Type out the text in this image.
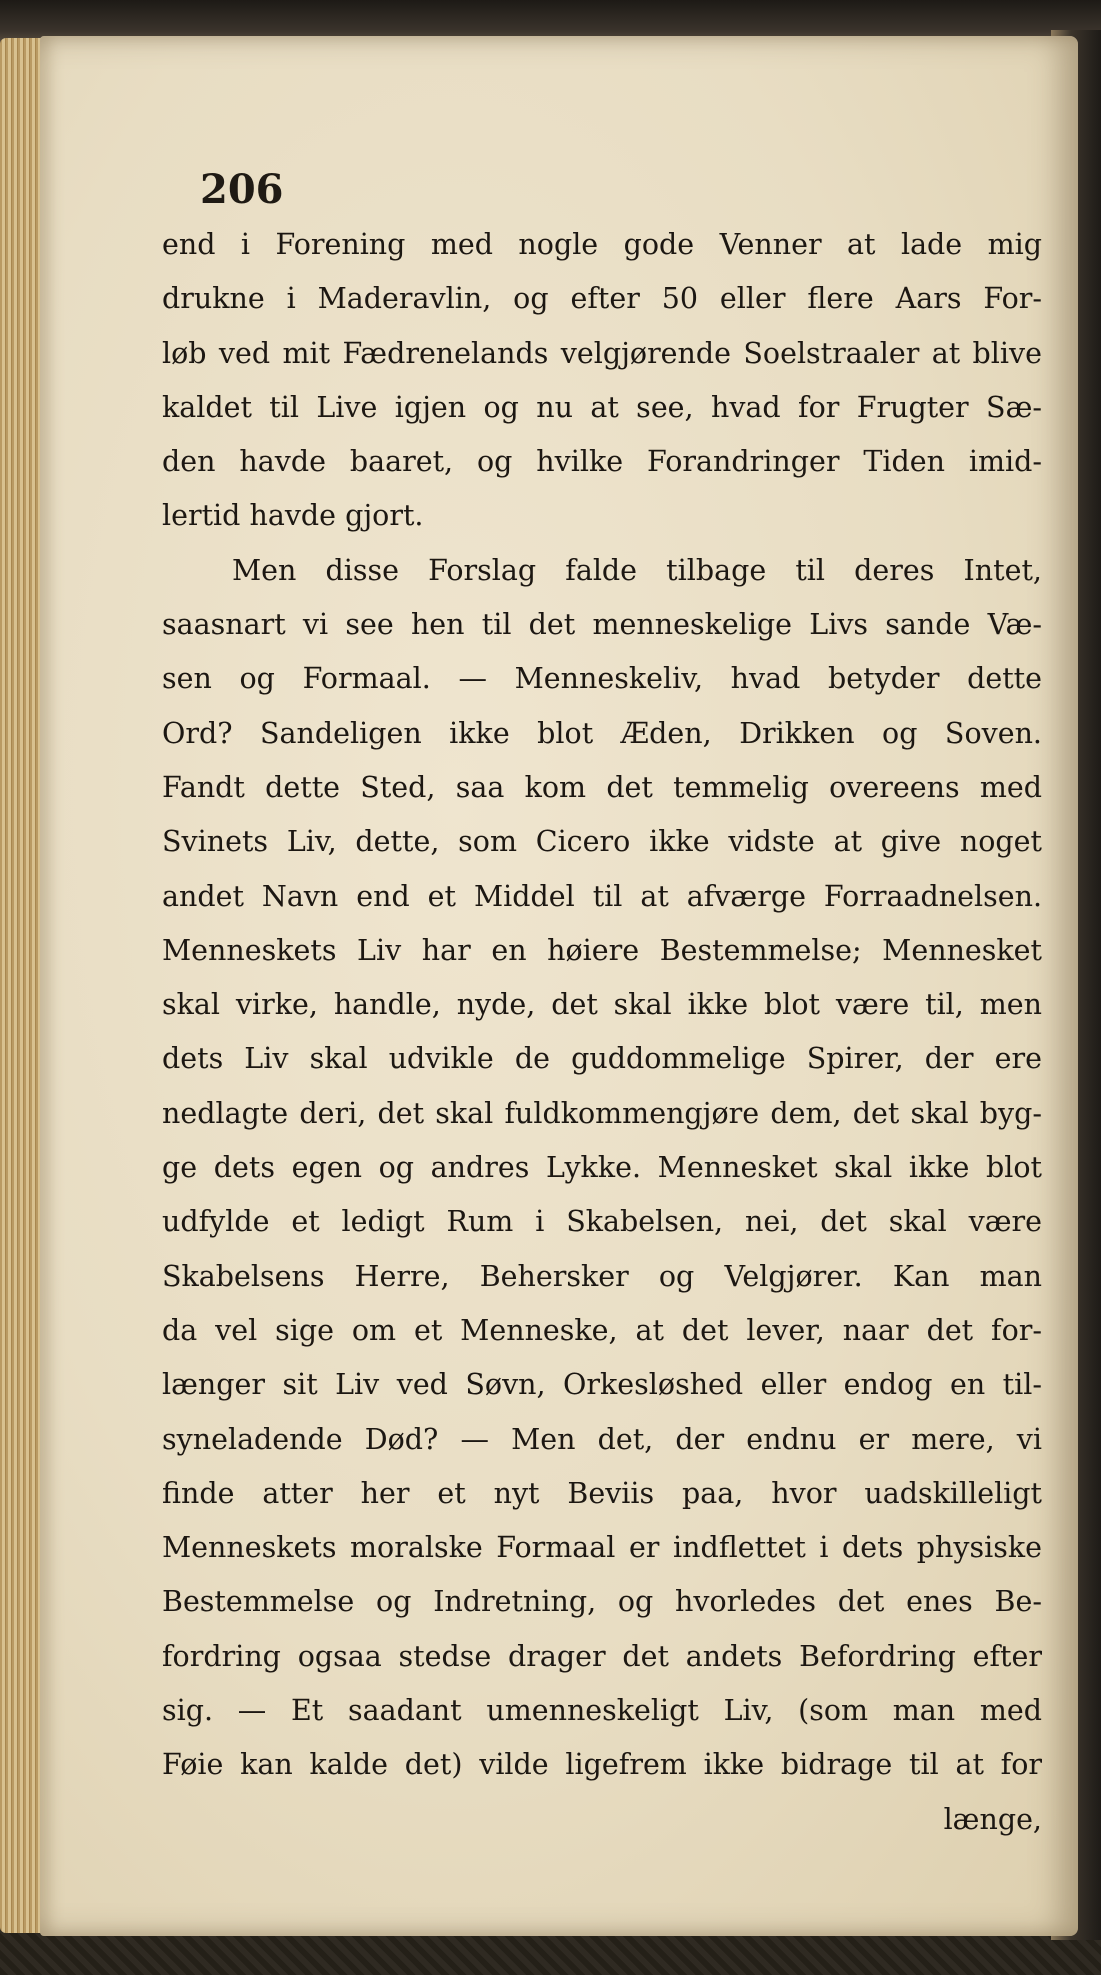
206

end i Forening med nogle gode Venner at lade mig
drukne i Maderavlin, og efter 50 eller flere Aars For-
løb ved mit Fædrenelands velgjørende Soelstraaler at blive
kaldet til Live igjen og nu at see, hvad for Frugter Sæ-
den havde baaret, og hvilke Forandringer Tiden imid-
lertid havde gjort.
Men disse Forslag falde tilbage til deres Intet,
saasnart vi see hen til det menneskelige Livs sande Væ-
sen og Formaal. — Menneskeliv, hvad betyder dette
Ord? Sandeligen ikke blot Æden, Drikken og Soven.
Fandt dette Sted, saa kom det temmelig overeens med
Svinets Liv, dette, som Cicero ikke vidste at give noget
andet Navn end et Middel til at afværge Forraadnelsen.
Menneskets Liv har en høiere Bestemmelse; Mennesket
skal virke, handle, nyde, det skal ikke blot være til, men
dets Liv skal udvikle de guddommelige Spirer, der ere
nedlagte deri, det skal fuldkommengjøre dem, det skal byg-
ge dets egen og andres Lykke. Mennesket skal ikke blot
udfylde et ledigt Rum i Skabelsen, nei, det skal være
Skabelsens Herre, Behersker og Velgjører. Kan man
da vel sige om et Menneske, at det lever, naar det for-
længer sit Liv ved Søvn, Orkesløshed eller endog en til-
syneladende Død? — Men det, der endnu er mere, vi
finde atter her et nyt Beviis paa, hvor uadskilleligt
Menneskets moralske Formaal er indflettet i dets physiske
Bestemmelse og Indretning, og hvorledes det enes Be-
fordring ogsaa stedse drager det andets Befordring efter
sig. — Et saadant umenneskeligt Liv, (som man med
Føie kan kalde det) vilde ligefrem ikke bidrage til at for
længe,
